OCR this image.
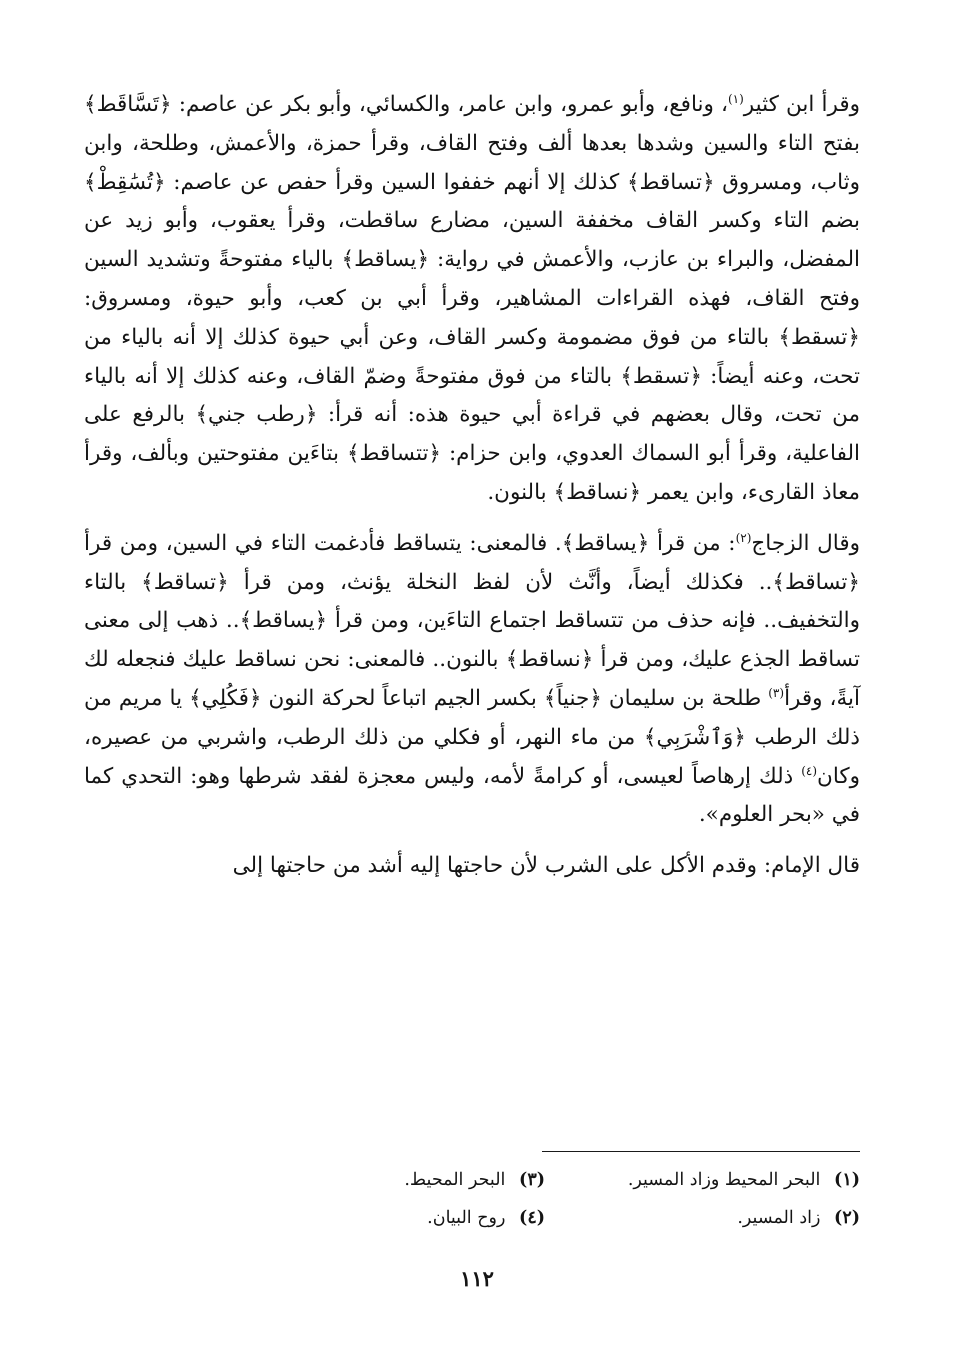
وقرأ ابن كثير$^{(١)}$، ونافع، وأبو عمرو، وابن عامر، والكسائي، وأبو بكر عن عاصم: ﴿تَسَّاقَط﴾ بفتح التاء والسين وشدها بعدها ألف وفتح القاف، وقرأ حمزة، والأعمش، وطلحة، وابن وثاب، ومسروق ﴿تساقط﴾ كذلك إلا أنهم خففوا السين وقرأ حفص عن عاصم: ﴿تُسَٰقِطْ﴾ بضم التاء وكسر القاف مخففة السين، مضارع ساقطت، وقرأ يعقوب، وأبو زيد عن المفضل، والبراء بن عازب، والأعمش في رواية: ﴿يساقط﴾ بالياء مفتوحةً وتشديد السين وفتح القاف، فهذه القراءات المشاهير، وقرأ أبي بن كعب، وأبو حيوة، ومسروق: ﴿تسقط﴾ بالتاء من فوق مضمومة وكسر القاف، وعن أبي حيوة كذلك إلا أنه بالياء من تحت، وعنه أيضاً: ﴿تسقط﴾ بالتاء من فوق مفتوحةً وضمّ القاف، وعنه كذلك إلا أنه بالياء من تحت، وقال بعضهم في قراءة أبي حيوة هذه: أنه قرأ: ﴿رطب جني﴾ بالرفع على الفاعلية، وقرأ أبو السماك العدوي، وابن حزام: ﴿تتساقط﴾ بتاءَين مفتوحتين وبألف، وقرأ معاذ القارىء، وابن يعمر ﴿نساقط﴾ بالنون.

وقال الزجاج$^{(٢)}$: من قرأ ﴿يساقط﴾. فالمعنى: يتساقط فأدغمت التاء في السين، ومن قرأ ﴿تساقط﴾.. فكذلك أيضاً، وأنَّث لأن لفظ النخلة يؤنث، ومن قرأ ﴿تساقط﴾ بالتاء والتخفيف.. فإنه حذف من تتساقط اجتماع التاءَين، ومن قرأ ﴿يساقط﴾.. ذهب إلى معنى تساقط الجذع عليك، ومن قرأ ﴿نساقط﴾ بالنون.. فالمعنى: نحن نساقط عليك فنجعله لك آيةً، وقرأ$^{(٣)}$ طلحة بن سليمان ﴿جنياً﴾ بكسر الجيم اتباعاً لحركة النون ﴿فَكُلِي﴾ يا مريم من ذلك الرطب ﴿وَٱشْرَبِي﴾ من ماء النهر، أو فكلي من ذلك الرطب، واشربي من عصيره، وكان$^{(٤)}$ ذلك إرهاصاً لعيسى، أو كرامةً لأمه، وليس معجزة لفقد شرطها وهو: التحدي كما في «بحر العلوم».

قال الإمام: وقدم الأكل على الشرب لأن حاجتها إليه أشد من حاجتها إلى

(١) البحر المحيط وزاد المسير.
(٣) البحر المحيط.
(٢) زاد المسير.
(٤) روح البيان.
١١٢
